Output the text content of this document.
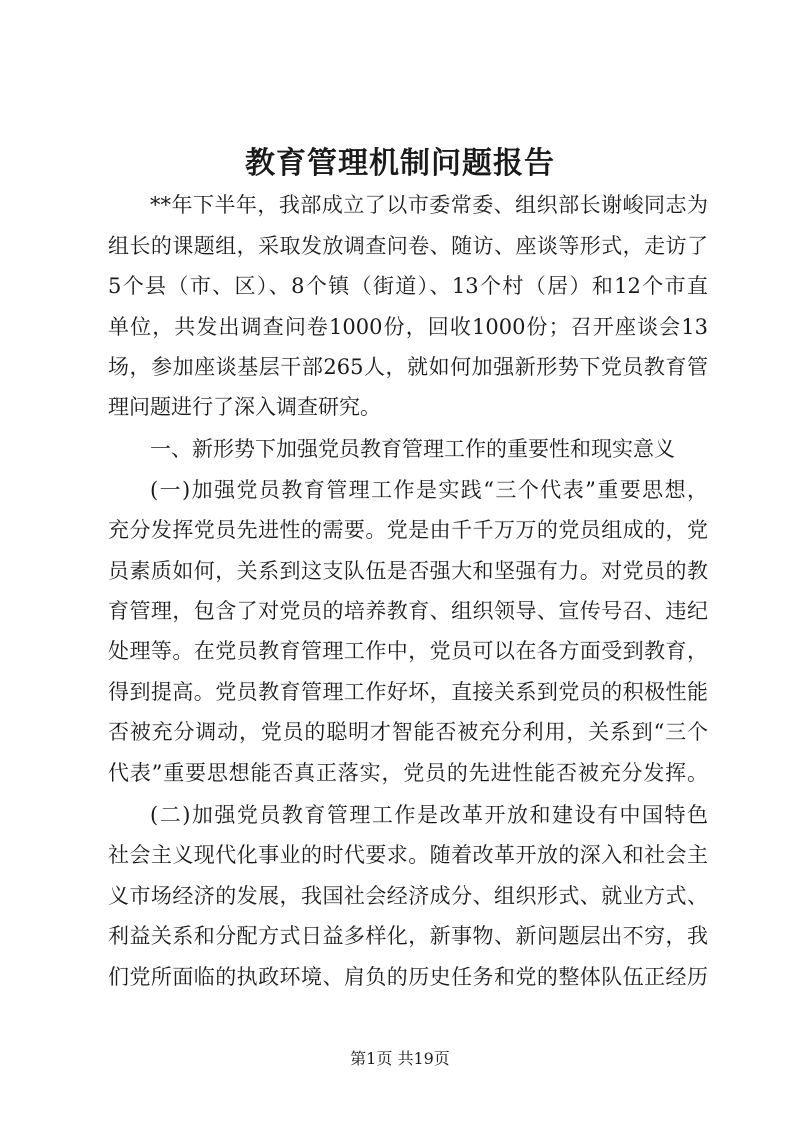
教育管理机制问题报告

**年下半年，我部成立了以市委常委、组织部长谢峻同志为

组长的课题组，采取发放调查问卷、随访、座谈等形式，走访了

5个县（市、区）、8个镇（街道）、13个村（居）和12个市直

单位，共发出调查问卷1000份，回收1000份；召开座谈会13

场，参加座谈基层干部265人，就如何加强新形势下党员教育管

理问题进行了深入调查研究。

一、新形势下加强党员教育管理工作的重要性和现实意义

(一)加强党员教育管理工作是实践“三个代表”重要思想，

充分发挥党员先进性的需要。党是由千千万万的党员组成的，党

员素质如何，关系到这支队伍是否强大和坚强有力。对党员的教

育管理，包含了对党员的培养教育、组织领导、宣传号召、违纪

处理等。在党员教育管理工作中，党员可以在各方面受到教育，

得到提高。党员教育管理工作好坏，直接关系到党员的积极性能

否被充分调动，党员的聪明才智能否被充分利用，关系到“三个

代表”重要思想能否真正落实，党员的先进性能否被充分发挥。

(二)加强党员教育管理工作是改革开放和建设有中国特色

社会主义现代化事业的时代要求。随着改革开放的深入和社会主

义市场经济的发展，我国社会经济成分、组织形式、就业方式、

利益关系和分配方式日益多样化，新事物、新问题层出不穷，我

们党所面临的执政环境、肩负的历史任务和党的整体队伍正经历

第1页 共19页
